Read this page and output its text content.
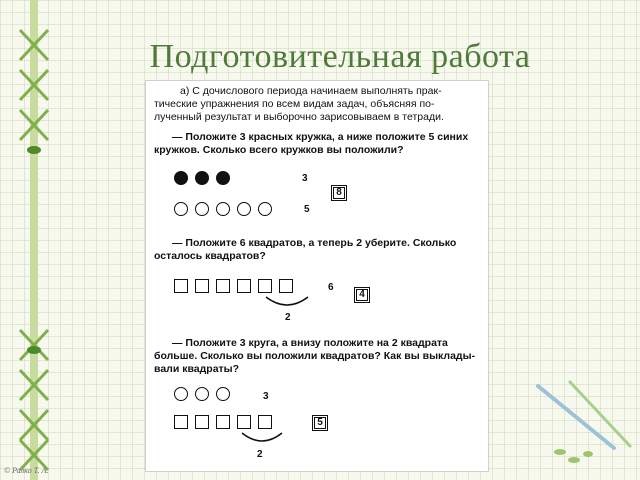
Подготовительная работа
а) С дочислового периода начинаем выполнять прак-
тические упражнения по всем видам задач, объясняя по-
лученный результат и выборочно зарисовываем в тетради.
— Положите 3 красных кружка, а ниже положите 5 синих
кружков. Сколько всего кружков вы положили?
3
8
5
— Положите 6 квадратов, а теперь 2 уберите. Сколько
осталось квадратов?
6
4
2
— Положите 3 круга, а внизу положите на 2 квадрата
больше. Сколько вы положили квадратов? Как вы выклады-
вали квадраты?
3
5
2
© Ралко Т. А.
